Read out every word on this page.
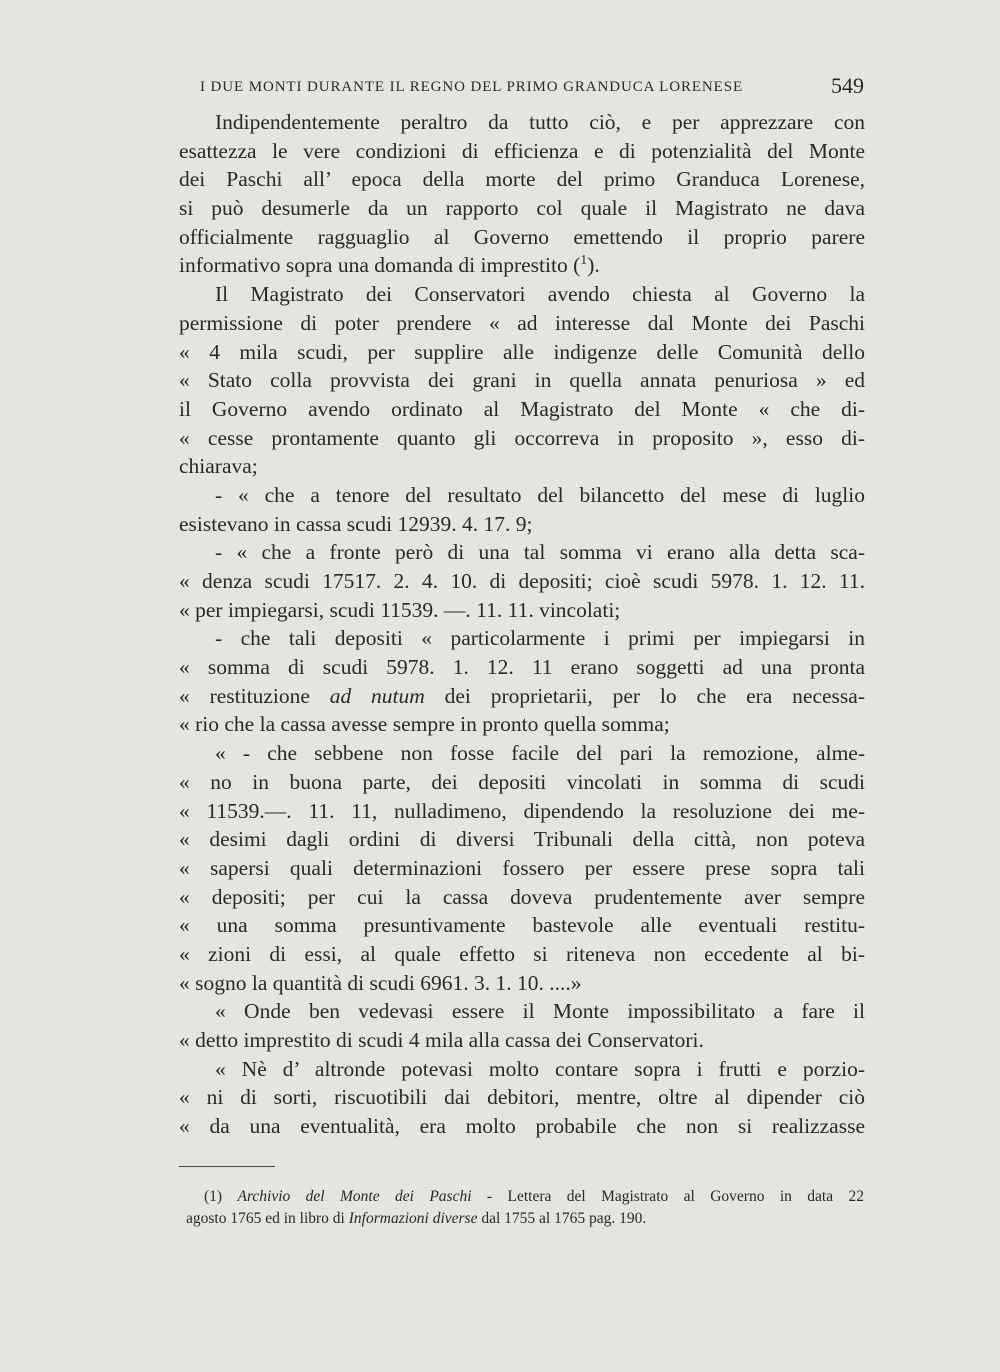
I DUE MONTI DURANTE IL REGNO DEL PRIMO GRANDUCA LORENESE	549
Indipendentemente peraltro da tutto ciò, e per apprezzare con
esattezza le vere condizioni di efficienza e di potenzialità del Monte
dei Paschi all’ epoca della morte del primo Granduca Lorenese,
si può desumerle da un rapporto col quale il Magistrato ne dava
officialmente ragguaglio al Governo emettendo il proprio parere
informativo sopra una domanda di imprestito ($^1$).
Il Magistrato dei Conservatori avendo chiesta al Governo la
permissione di poter prendere « ad interesse dal Monte dei Paschi
« 4 mila scudi, per supplire alle indigenze delle Comunità dello
« Stato colla provvista dei grani in quella annata penuriosa » ed
il Governo avendo ordinato al Magistrato del Monte « che di-
« cesse prontamente quanto gli occorreva in proposito », esso di-
chiarava;
- « che a tenore del resultato del bilancetto del mese di luglio
esistevano in cassa scudi 12939. 4. 17. 9;
- « che a fronte però di una tal somma vi erano alla detta sca-
« denza scudi 17517. 2. 4. 10. di depositi; cioè scudi 5978. 1. 12. 11.
« per impiegarsi, scudi 11539. —. 11. 11. vincolati;
- che tali depositi « particolarmente i primi per impiegarsi in
« somma di scudi 5978. 1. 12. 11 erano soggetti ad una pronta
« restituzione ad nutum dei proprietarii, per lo che era necessa-
« rio che la cassa avesse sempre in pronto quella somma;
« - che sebbene non fosse facile del pari la remozione, alme-
« no in buona parte, dei depositi vincolati in somma di scudi
« 11539.—. 11. 11, nulladimeno, dipendendo la resoluzione dei me-
« desimi dagli ordini di diversi Tribunali della città, non poteva
« sapersi quali determinazioni fossero per essere prese sopra tali
« depositi; per cui la cassa doveva prudentemente aver sempre
« una somma presuntivamente bastevole alle eventuali restitu-
« zioni di essi, al quale effetto si riteneva non eccedente al bi-
« sogno la quantità di scudi 6961. 3. 1. 10. ....»
« Onde ben vedevasi essere il Monte impossibilitato a fare il
« detto imprestito di scudi 4 mila alla cassa dei Conservatori.
« Nè d’ altronde potevasi molto contare sopra i frutti e porzio-
« ni di sorti, riscuotibili dai debitori, mentre, oltre al dipender ciò
« da una eventualità, era molto probabile che non si realizzasse
(1) Archivio del Monte dei Paschi - Lettera del Magistrato al Governo in data 22
agosto 1765 ed in libro di Informazioni diverse dal 1755 al 1765 pag. 190.
